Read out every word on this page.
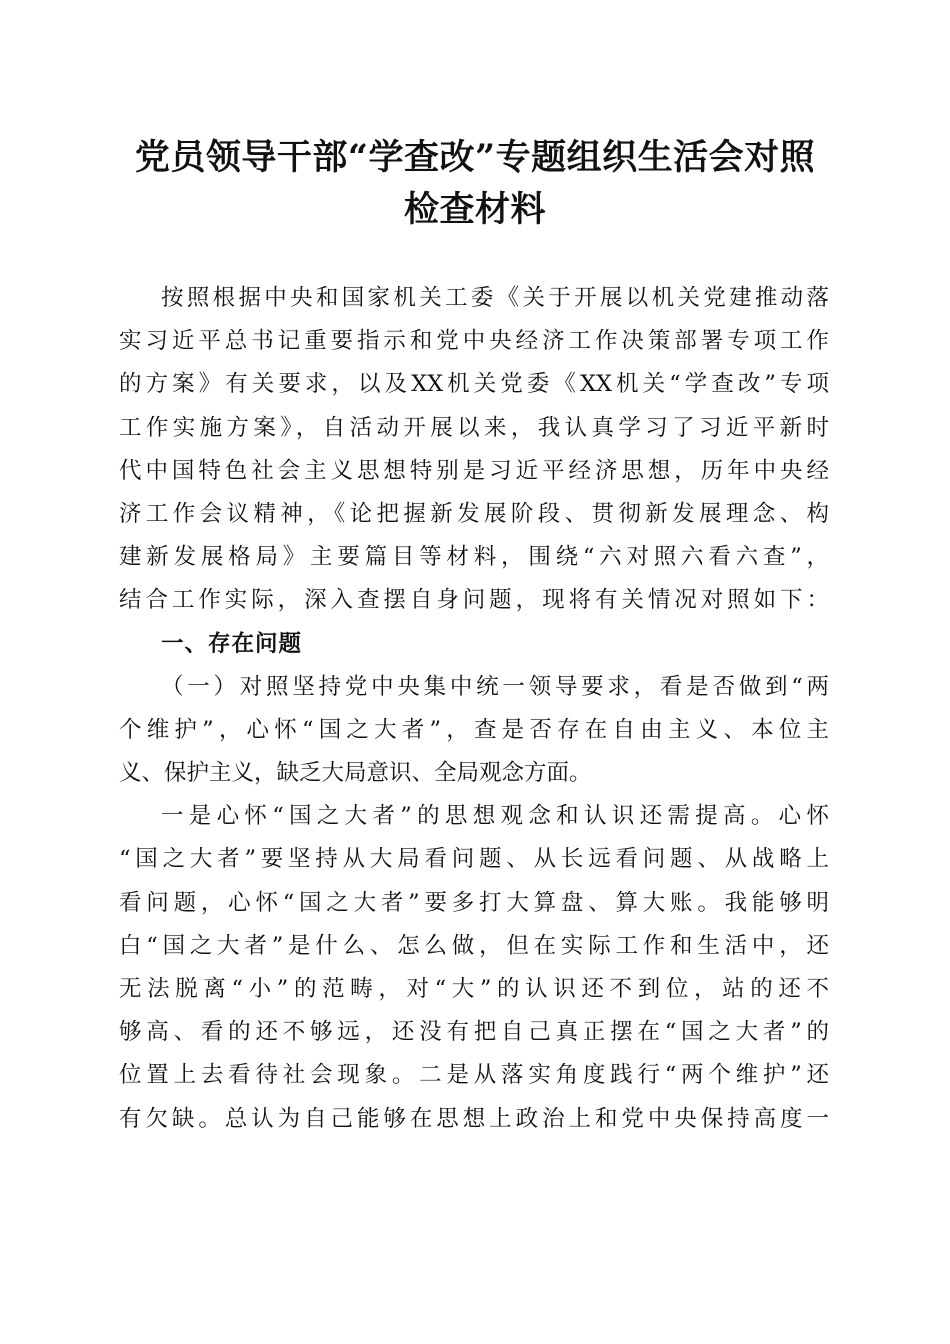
党员领导干部“学查改”专题组织生活会对照
检查材料
按照根据中央和国家机关工委《关于开展以机关党建推动落
实习近平总书记重要指示和党中央经济工作决策部署专项工作
的方案》有关要求，以及XX机关党委《XX机关“学查改”专项
工作实施方案》，自活动开展以来，我认真学习了习近平新时
代中国特色社会主义思想特别是习近平经济思想，历年中央经
济工作会议精神，《论把握新发展阶段、贯彻新发展理念、构
建新发展格局》主要篇目等材料，围绕“六对照六看六查”，
结合工作实际，深入查摆自身问题，现将有关情况对照如下：
一、存在问题
（一）对照坚持党中央集中统一领导要求，看是否做到“两
个维护”，心怀“国之大者”，查是否存在自由主义、本位主
义、保护主义，缺乏大局意识、全局观念方面。
一是心怀“国之大者”的思想观念和认识还需提高。心怀
“国之大者”要坚持从大局看问题、从长远看问题、从战略上
看问题，心怀“国之大者”要多打大算盘、算大账。我能够明
白“国之大者”是什么、怎么做，但在实际工作和生活中，还
无法脱离“小”的范畴，对“大”的认识还不到位，站的还不
够高、看的还不够远，还没有把自己真正摆在“国之大者”的
位置上去看待社会现象。二是从落实角度践行“两个维护”还
有欠缺。总认为自己能够在思想上政治上和党中央保持高度一
